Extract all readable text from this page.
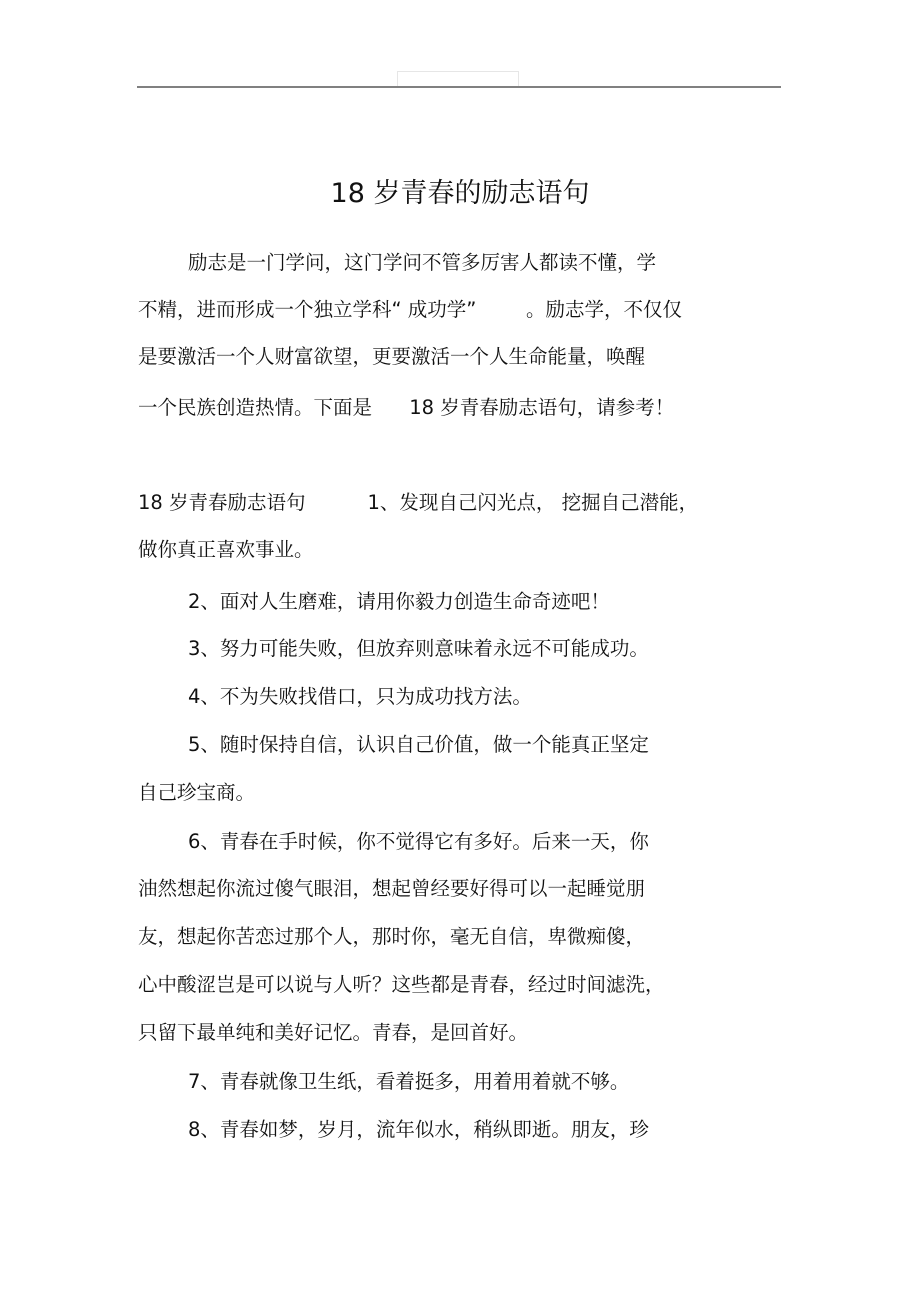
18 岁青春的励志语句
励志是一门学问，这门学问不管多厉害人都读不懂，学
不精，进而形成一个独立学科“ 成功学”        。励志学，不仅仅
是要激活一个人财富欲望，更要激活一个人生命能量，唤醒
一个民族创造热情。下面是      18 岁青春励志语句，请参考！
18 岁青春励志语句          1、发现自己闪光点， 挖掘自己潜能，
做你真正喜欢事业。
2、面对人生磨难，请用你毅力创造生命奇迹吧！
3、努力可能失败，但放弃则意味着永远不可能成功。
4、不为失败找借口，只为成功找方法。
5、随时保持自信，认识自己价值，做一个能真正坚定
自己珍宝商。
6、青春在手时候，你不觉得它有多好。后来一天，你
油然想起你流过傻气眼泪，想起曾经要好得可以一起睡觉朋
友，想起你苦恋过那个人，那时你，毫无自信，卑微痴傻，
心中酸涩岂是可以说与人听？这些都是青春，经过时间滤洗，
只留下最单纯和美好记忆。青春，是回首好。
7、青春就像卫生纸，看着挺多，用着用着就不够。
8、青春如梦，岁月，流年似水，稍纵即逝。朋友，珍
